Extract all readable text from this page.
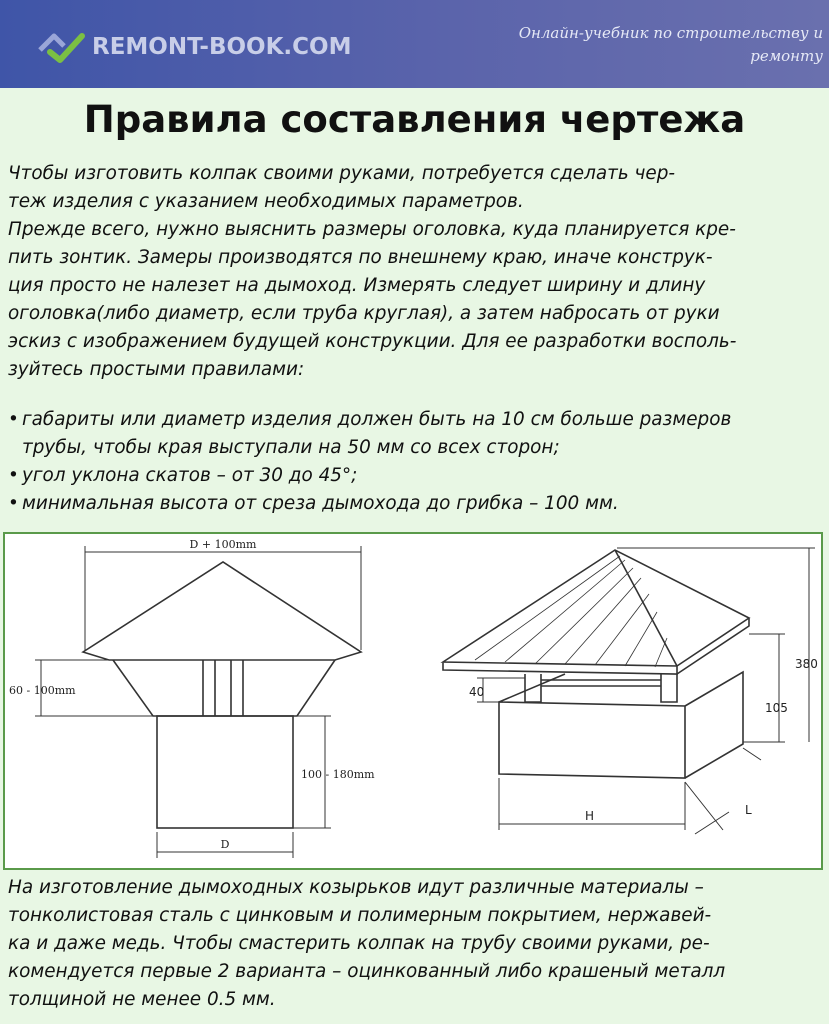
REMONT-BOOK.COM
Онлайн-учебник по строительству и ремонту
Правила составления чертежа
Чтобы изготовить колпак своими руками, потребуется сделать чер-
теж изделия с указанием необходимых параметров.
Прежде всего, нужно выяснить размеры оголовка, куда планируется кре-
пить зонтик. Замеры производятся по внешнему краю, иначе конструк-
ция просто не налезет на дымоход. Измерять следует ширину и длину
оголовка(либо диаметр, если труба круглая), а затем набросать от руки
эскиз с изображением будущей конструкции. Для ее разработки восполь-
зуйтесь простыми правилами:
• габариты или диаметр изделия должен быть на 10 см больше размеров
трубы, чтобы края выступали на 50 мм со всех сторон;
• угол уклона скатов – от 30 до 45°;
• минимальная высота от среза дымохода до грибка – 100 мм.
D + 100mm
60 - 100mm
100 - 180mm
D
40
105
380
H	L
На изготовление дымоходных козырьков идут различные материалы –
тонколистовая сталь с цинковым и полимерным покрытием, нержавей-
ка и даже медь. Чтобы смастерить колпак на трубу своими руками, ре-
комендуется первые 2 варианта – оцинкованный либо крашеный металл
толщиной не менее 0.5 мм.
